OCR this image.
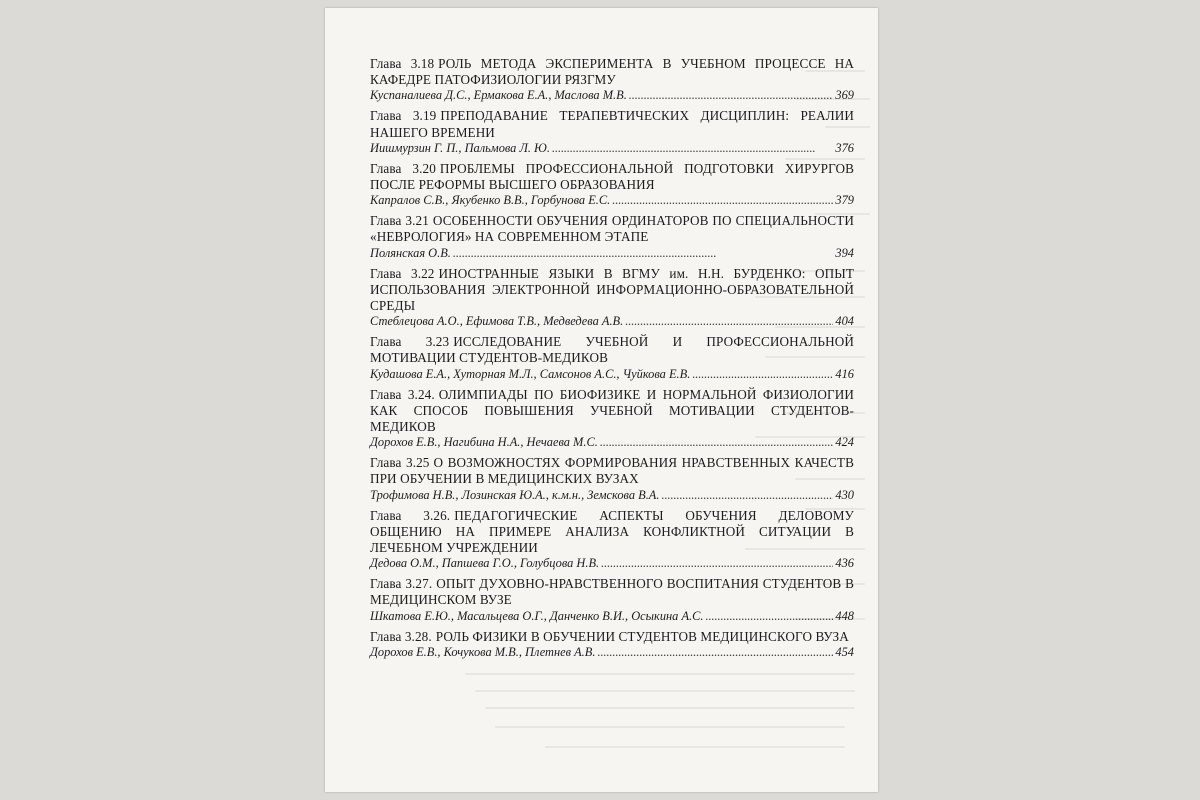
Глава 3.18 РОЛЬ МЕТОДА ЭКСПЕРИМЕНТА В УЧЕБНОМ ПРОЦЕССЕ НА КАФЕДРЕ ПАТОФИЗИОЛОГИИ РЯЗГМУ
Куспаналиева Д.С., Ермакова Е.А., Маслова М.В. . . .	369
Глава 3.19 ПРЕПОДАВАНИЕ ТЕРАПЕВТИЧЕСКИХ ДИСЦИПЛИН: РЕАЛИИ НАШЕГО ВРЕМЕНИ
Иишмурзин Г. П., Пальмова Л. Ю. . . .	376
Глава 3.20 ПРОБЛЕМЫ ПРОФЕССИОНАЛЬНОЙ ПОДГОТОВКИ ХИРУРГОВ ПОСЛЕ РЕФОРМЫ ВЫСШЕГО ОБРАЗОВАНИЯ
Капралов С.В., Якубенко В.В., Горбунова Е.С. . . .	379
Глава 3.21 ОСОБЕННОСТИ ОБУЧЕНИЯ ОРДИНАТОРОВ ПО СПЕЦИАЛЬНОСТИ «НЕВРОЛОГИЯ» НА СОВРЕМЕННОМ ЭТАПЕ
Полянская О.В. . . .	394
Глава 3.22 ИНОСТРАННЫЕ ЯЗЫКИ В ВГМУ им. Н.Н. БУРДЕНКО: ОПЫТ ИСПОЛЬЗОВАНИЯ ЭЛЕКТРОННОЙ ИНФОРМАЦИОННО-ОБРАЗОВАТЕЛЬНОЙ СРЕДЫ
Стеблецова А.О., Ефимова Т.В., Медведева А.В. . . .	404
Глава 3.23 ИССЛЕДОВАНИЕ УЧЕБНОЙ И ПРОФЕССИОНАЛЬНОЙ МОТИВАЦИИ СТУДЕНТОВ-МЕДИКОВ
Кудашова Е.А., Хуторная М.Л., Самсонов А.С., Чуйкова Е.В. . . .	416
Глава 3.24. ОЛИМПИАДЫ ПО БИОФИЗИКЕ И НОРМАЛЬНОЙ ФИЗИОЛОГИИ КАК СПОСОБ ПОВЫШЕНИЯ УЧЕБНОЙ МОТИВАЦИИ СТУДЕНТОВ-МЕДИКОВ
Дорохов Е.В., Нагибина Н.А., Нечаева М.С. . . .	424
Глава 3.25 О ВОЗМОЖНОСТЯХ ФОРМИРОВАНИЯ НРАВСТВЕННЫХ КАЧЕСТВ ПРИ ОБУЧЕНИИ В МЕДИЦИНСКИХ ВУЗАХ
Трофимова Н.В., Лозинская Ю.А., к.м.н., Земскова В.А. . . .	430
Глава 3.26. ПЕДАГОГИЧЕСКИЕ АСПЕКТЫ ОБУЧЕНИЯ ДЕЛОВОМУ ОБЩЕНИЮ НА ПРИМЕРЕ АНАЛИЗА КОНФЛИКТНОЙ СИТУАЦИИ В ЛЕЧЕБНОМ УЧРЕЖДЕНИИ
Дедова О.М., Папшева Г.О., Голубцова Н.В. . . .	436
Глава 3.27. ОПЫТ ДУХОВНО-НРАВСТВЕННОГО ВОСПИТАНИЯ СТУДЕНТОВ В МЕДИЦИНСКОМ ВУЗЕ
Шкатова Е.Ю., Масальцева О.Г., Данченко В.И., Осыкина А.С. . . .	448
Глава 3.28. РОЛЬ ФИЗИКИ В ОБУЧЕНИИ СТУДЕНТОВ МЕДИЦИНСКОГО ВУЗА
Дорохов Е.В., Кочукова М.В., Плетнев А.В. . . .	454
